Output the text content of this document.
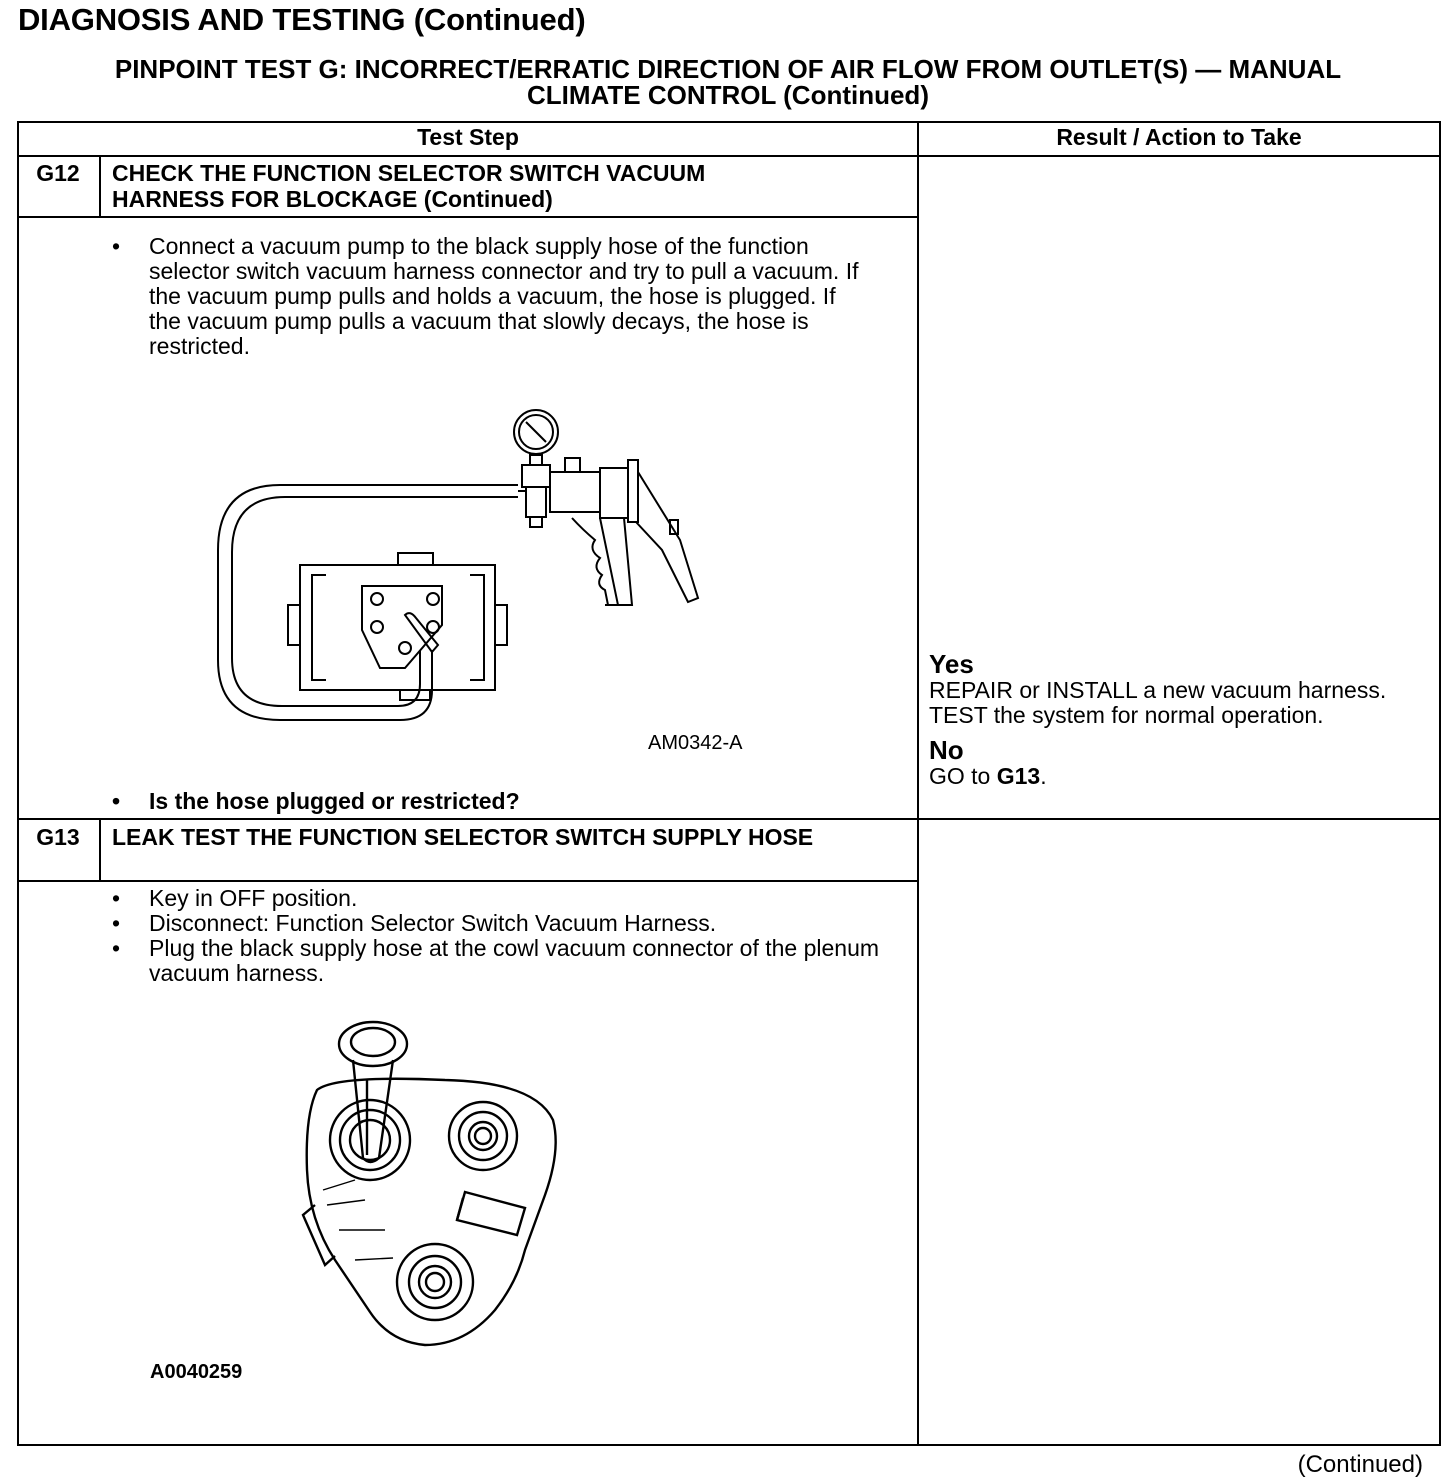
DIAGNOSIS AND TESTING (Continued)
PINPOINT TEST G: INCORRECT/ERRATIC DIRECTION OF AIR FLOW FROM OUTLET(S) — MANUAL
CLIMATE CONTROL (Continued)
Test Step	Result / Action to Take
G12	CHECK THE FUNCTION SELECTOR SWITCH VACUUM HARNESS FOR BLOCKAGE (Continued)
• Connect a vacuum pump to the black supply hose of the function selector switch vacuum harness connector and try to pull a vacuum. If the vacuum pump pulls and holds a vacuum, the hose is plugged. If the vacuum pump pulls a vacuum that slowly decays, the hose is restricted.
AM0342-A
• Is the hose plugged or restricted?
Yes
REPAIR or INSTALL a new vacuum harness. TEST the system for normal operation.
No
GO to G13.
G13	LEAK TEST THE FUNCTION SELECTOR SWITCH SUPPLY HOSE
• Key in OFF position.
• Disconnect: Function Selector Switch Vacuum Harness.
• Plug the black supply hose at the cowl vacuum connector of the plenum vacuum harness.
A0040259
(Continued)
